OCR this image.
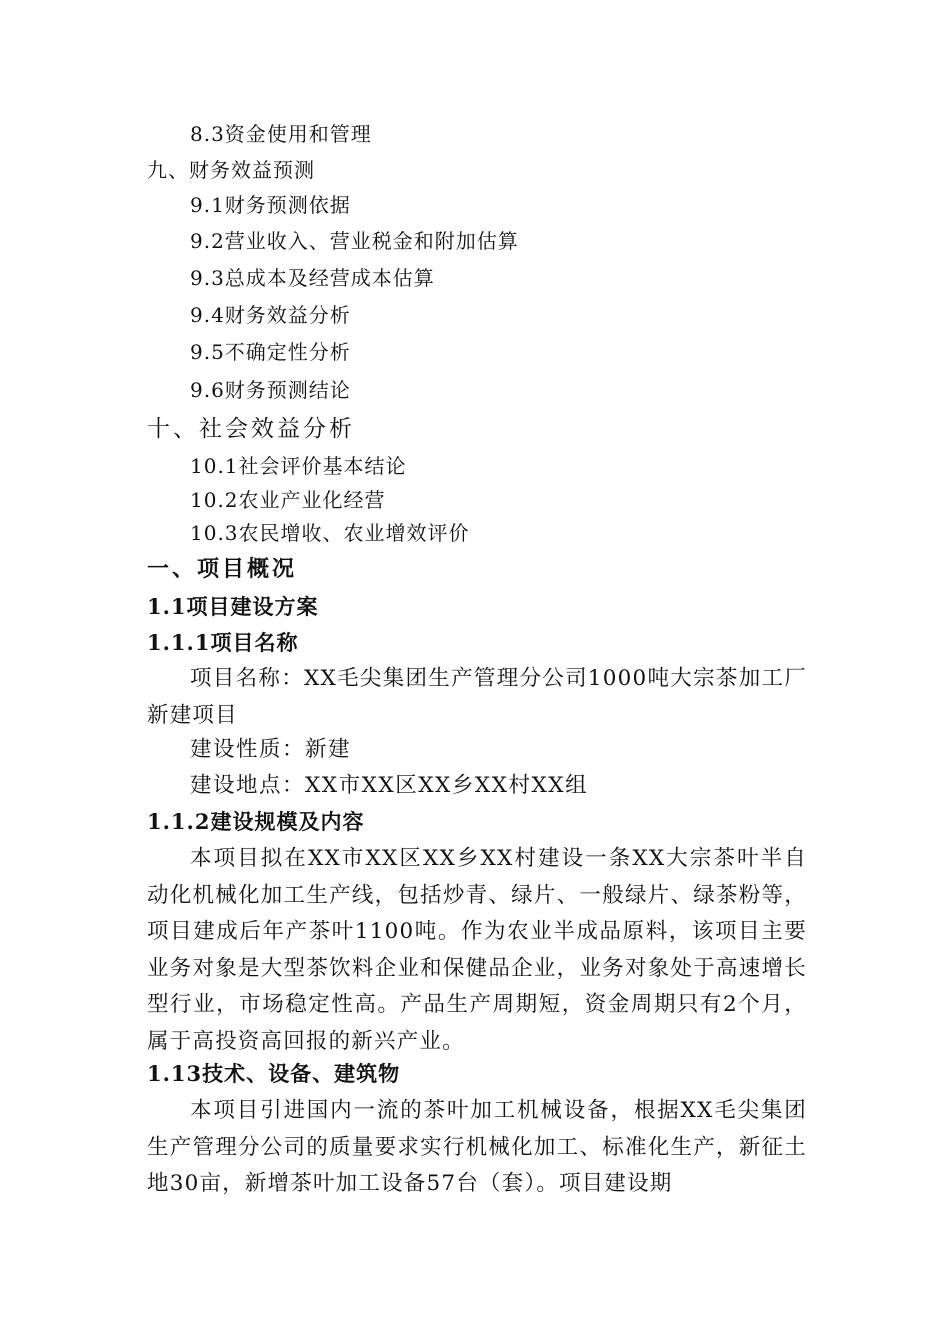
8.3资金使用和管理

九、财务效益预测

9.1财务预测依据

9.2营业收入、营业税金和附加估算

9.3总成本及经营成本估算

9.4财务效益分析

9.5不确定性分析

9.6财务预测结论

十、社会效益分析

10.1社会评价基本结论

10.2农业产业化经营

10.3农民增收、农业增效评价

一、项目概况
1.1项目建设方案
1.1.1项目名称

项目名称：XX毛尖集团生产管理分公司1000吨大宗茶加工厂新建项目

建设性质：新建

建设地点：XX市XX区XX乡XX村XX组

1.1.2建设规模及内容

本项目拟在XX市XX区XX乡XX村建设一条XX大宗茶叶半自动化机械化加工生产线，包括炒青、绿片、一般绿片、绿茶粉等，项目建成后年产茶叶1100吨。作为农业半成品原料，该项目主要业务对象是大型茶饮料企业和保健品企业，业务对象处于高速增长型行业，市场稳定性高。产品生产周期短，资金周期只有2个月，属于高投资高回报的新兴产业。

1.13技术、设备、建筑物

本项目引进国内一流的茶叶加工机械设备，根据XX毛尖集团生产管理分公司的质量要求实行机械化加工、标准化生产，新征土地30亩，新增茶叶加工设备57台（套）。项目建设期
